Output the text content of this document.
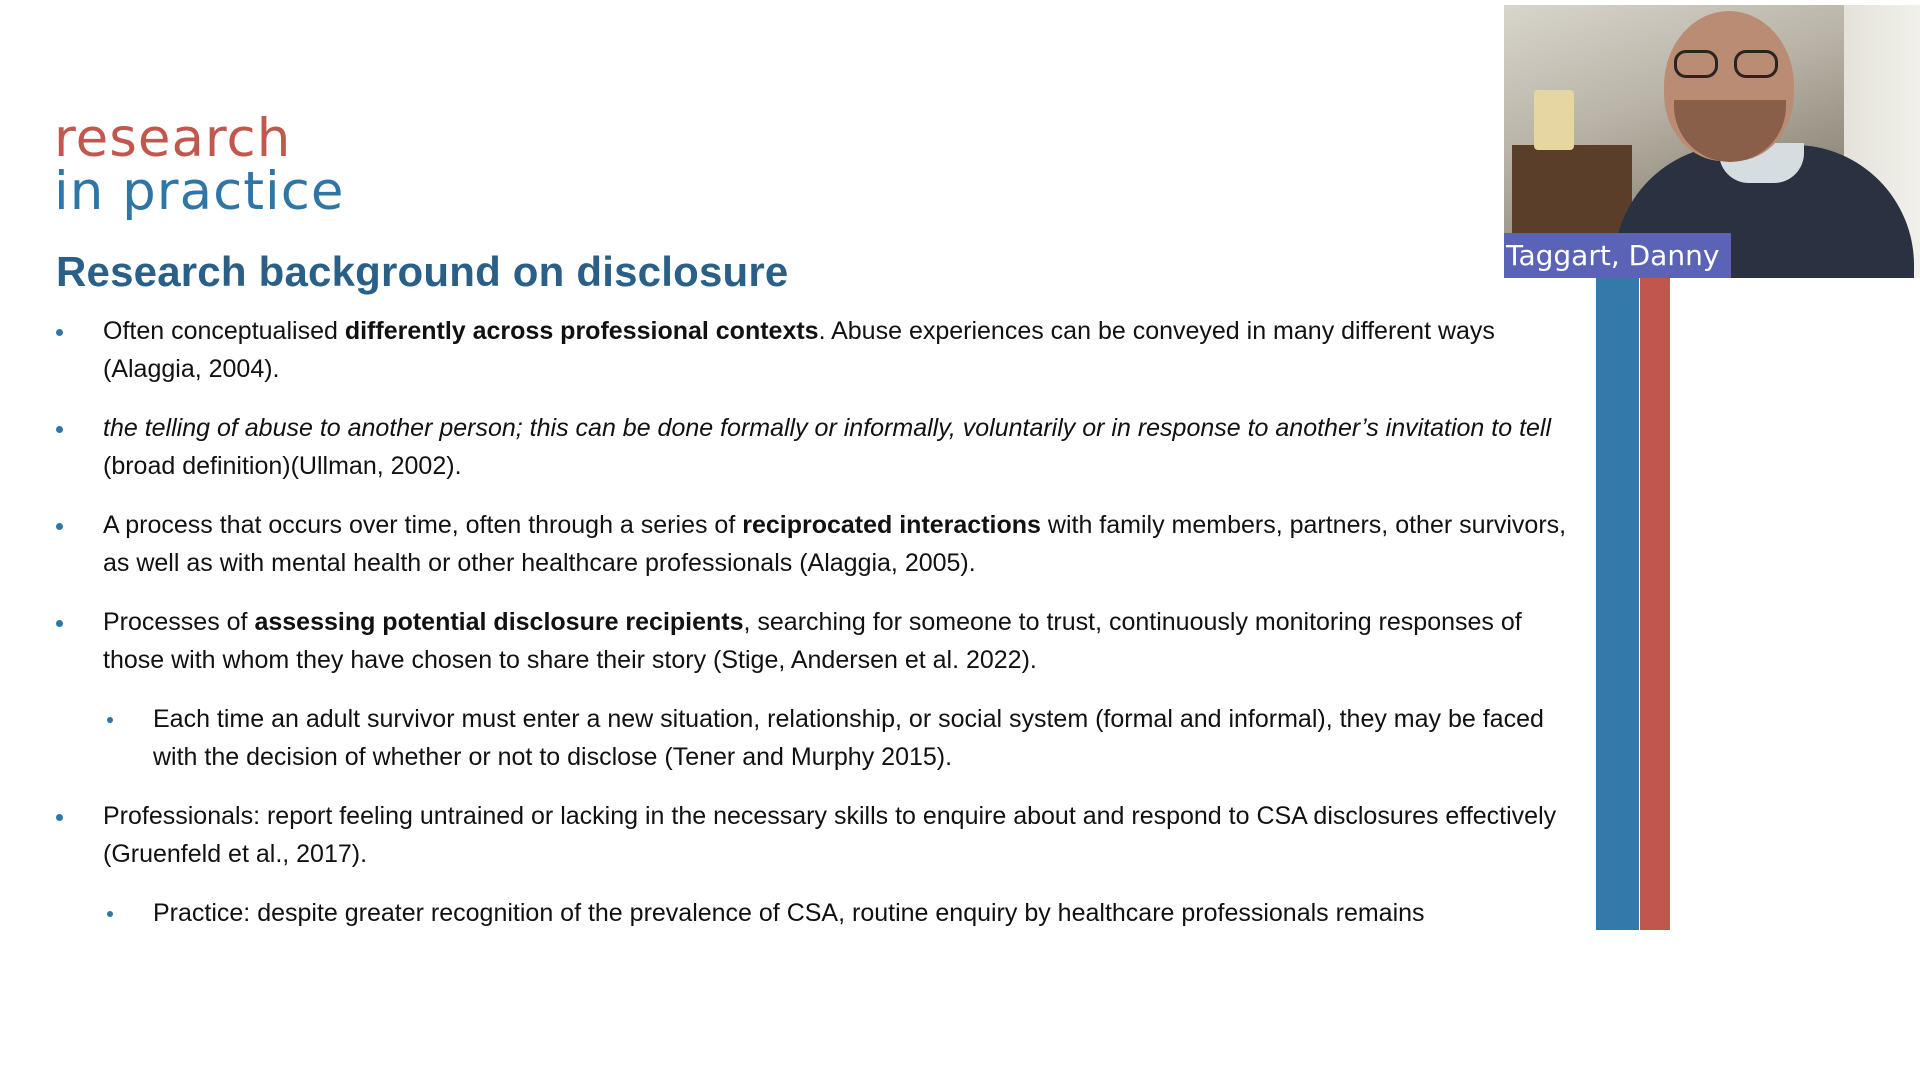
research
in practice
Research background on disclosure
Often conceptualised differently across professional contexts. Abuse experiences can be conveyed in many different ways (Alaggia, 2004).
the telling of abuse to another person; this can be done formally or informally, voluntarily or in response to another’s invitation to tell (broad definition)(Ullman, 2002).
A process that occurs over time, often through a series of reciprocated interactions with family members, partners, other survivors, as well as with mental health or other healthcare professionals (Alaggia, 2005).
Processes of assessing potential disclosure recipients, searching for someone to trust, continuously monitoring responses of those with whom they have chosen to share their story (Stige, Andersen et al. 2022).
Each time an adult survivor must enter a new situation, relationship, or social system (formal and informal), they may be faced with the decision of whether or not to disclose (Tener and Murphy 2015).
Professionals: report feeling untrained or lacking in the necessary skills to enquire about and respond to CSA disclosures effectively (Gruenfeld et al., 2017).
Practice: despite greater recognition of the prevalence of CSA, routine enquiry by healthcare professionals remains
Taggart, Danny
